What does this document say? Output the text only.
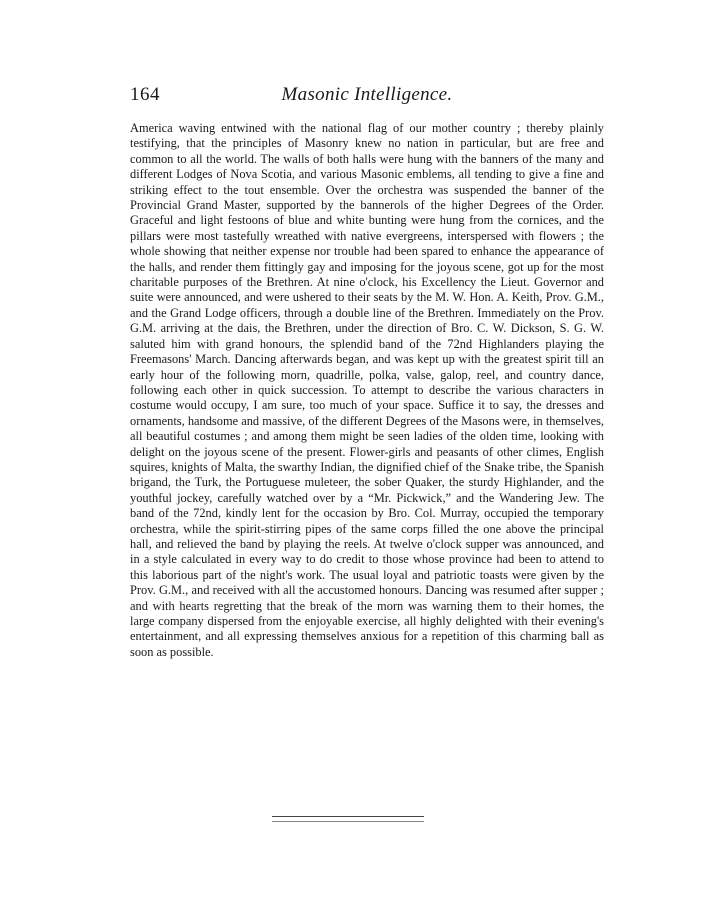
164	Masonic Intelligence.

America waving entwined with the national flag of our mother country ; thereby plainly testifying, that the principles of Masonry knew no nation in particular, but are free and common to all the world. The walls of both halls were hung with the banners of the many and different Lodges of Nova Scotia, and various Masonic emblems, all tending to give a fine and striking effect to the tout ensemble. Over the orchestra was suspended the banner of the Provincial Grand Master, supported by the bannerols of the higher Degrees of the Order. Graceful and light festoons of blue and white bunting were hung from the cornices, and the pillars were most tastefully wreathed with native evergreens, interspersed with flowers ; the whole showing that neither expense nor trouble had been spared to enhance the appearance of the halls, and render them fittingly gay and imposing for the joyous scene, got up for the most charitable purposes of the Brethren. At nine o'clock, his Excellency the Lieut. Governor and suite were announced, and were ushered to their seats by the M. W. Hon. A. Keith, Prov. G.M., and the Grand Lodge officers, through a double line of the Brethren. Immediately on the Prov. G.M. arriving at the dais, the Brethren, under the direction of Bro. C. W. Dickson, S. G. W. saluted him with grand honours, the splendid band of the 72nd Highlanders playing the Freemasons' March. Dancing afterwards began, and was kept up with the greatest spirit till an early hour of the following morn, quadrille, polka, valse, galop, reel, and country dance, following each other in quick succession. To attempt to describe the various characters in costume would occupy, I am sure, too much of your space. Suffice it to say, the dresses and ornaments, handsome and massive, of the different Degrees of the Masons were, in themselves, all beautiful costumes ; and among them might be seen ladies of the olden time, looking with delight on the joyous scene of the present. Flower-girls and peasants of other climes, English squires, knights of Malta, the swarthy Indian, the dignified chief of the Snake tribe, the Spanish brigand, the Turk, the Portuguese muleteer, the sober Quaker, the sturdy Highlander, and the youthful jockey, carefully watched over by a “Mr. Pickwick,” and the Wandering Jew. The band of the 72nd, kindly lent for the occasion by Bro. Col. Murray, occupied the temporary orchestra, while the spirit-stirring pipes of the same corps filled the one above the principal hall, and relieved the band by playing the reels. At twelve o'clock supper was announced, and in a style calculated in every way to do credit to those whose province had been to attend to this laborious part of the night's work. The usual loyal and patriotic toasts were given by the Prov. G.M., and received with all the accustomed honours. Dancing was resumed after supper ; and with hearts regretting that the break of the morn was warning them to their homes, the large company dispersed from the enjoyable exercise, all highly delighted with their evening's entertainment, and all expressing themselves anxious for a repetition of this charming ball as soon as possible.
